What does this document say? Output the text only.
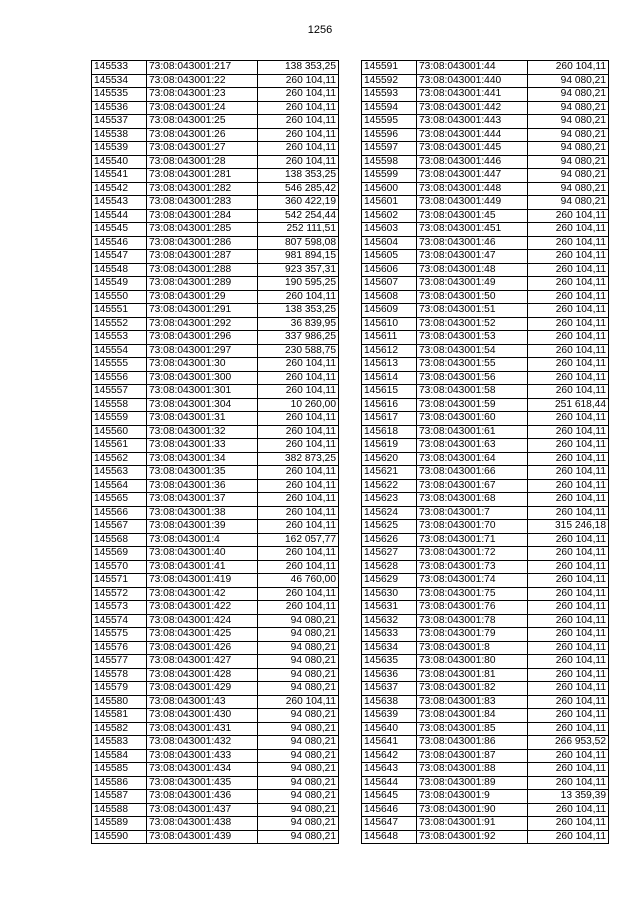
1256
145533	73:08:043001:217	138 353,25
145534	73:08:043001:22	260 104,11
145535	73:08:043001:23	260 104,11
145536	73:08:043001:24	260 104,11
145537	73:08:043001:25	260 104,11
145538	73:08:043001:26	260 104,11
145539	73:08:043001:27	260 104,11
145540	73:08:043001:28	260 104,11
145541	73:08:043001:281	138 353,25
145542	73:08:043001:282	546 285,42
145543	73:08:043001:283	360 422,19
145544	73:08:043001:284	542 254,44
145545	73:08:043001:285	252 111,51
145546	73:08:043001:286	807 598,08
145547	73:08:043001:287	981 894,15
145548	73:08:043001:288	923 357,31
145549	73:08:043001:289	190 595,25
145550	73:08:043001:29	260 104,11
145551	73:08:043001:291	138 353,25
145552	73:08:043001:292	36 839,95
145553	73:08:043001:296	337 986,25
145554	73:08:043001:297	230 588,75
145555	73:08:043001:30	260 104,11
145556	73:08:043001:300	260 104,11
145557	73:08:043001:301	260 104,11
145558	73:08:043001:304	10 260,00
145559	73:08:043001:31	260 104,11
145560	73:08:043001:32	260 104,11
145561	73:08:043001:33	260 104,11
145562	73:08:043001:34	382 873,25
145563	73:08:043001:35	260 104,11
145564	73:08:043001:36	260 104,11
145565	73:08:043001:37	260 104,11
145566	73:08:043001:38	260 104,11
145567	73:08:043001:39	260 104,11
145568	73:08:043001:4	162 057,77
145569	73:08:043001:40	260 104,11
145570	73:08:043001:41	260 104,11
145571	73:08:043001:419	46 760,00
145572	73:08:043001:42	260 104,11
145573	73:08:043001:422	260 104,11
145574	73:08:043001:424	94 080,21
145575	73:08:043001:425	94 080,21
145576	73:08:043001:426	94 080,21
145577	73:08:043001:427	94 080,21
145578	73:08:043001:428	94 080,21
145579	73:08:043001:429	94 080,21
145580	73:08:043001:43	260 104,11
145581	73:08:043001:430	94 080,21
145582	73:08:043001:431	94 080,21
145583	73:08:043001:432	94 080,21
145584	73:08:043001:433	94 080,21
145585	73:08:043001:434	94 080,21
145586	73:08:043001:435	94 080,21
145587	73:08:043001:436	94 080,21
145588	73:08:043001:437	94 080,21
145589	73:08:043001:438	94 080,21
145590	73:08:043001:439	94 080,21
145591	73:08:043001:44	260 104,11
145592	73:08:043001:440	94 080,21
145593	73:08:043001:441	94 080,21
145594	73:08:043001:442	94 080,21
145595	73:08:043001:443	94 080,21
145596	73:08:043001:444	94 080,21
145597	73:08:043001:445	94 080,21
145598	73:08:043001:446	94 080,21
145599	73:08:043001:447	94 080,21
145600	73:08:043001:448	94 080,21
145601	73:08:043001:449	94 080,21
145602	73:08:043001:45	260 104,11
145603	73:08:043001:451	260 104,11
145604	73:08:043001:46	260 104,11
145605	73:08:043001:47	260 104,11
145606	73:08:043001:48	260 104,11
145607	73:08:043001:49	260 104,11
145608	73:08:043001:50	260 104,11
145609	73:08:043001:51	260 104,11
145610	73:08:043001:52	260 104,11
145611	73:08:043001:53	260 104,11
145612	73:08:043001:54	260 104,11
145613	73:08:043001:55	260 104,11
145614	73:08:043001:56	260 104,11
145615	73:08:043001:58	260 104,11
145616	73:08:043001:59	251 618,44
145617	73:08:043001:60	260 104,11
145618	73:08:043001:61	260 104,11
145619	73:08:043001:63	260 104,11
145620	73:08:043001:64	260 104,11
145621	73:08:043001:66	260 104,11
145622	73:08:043001:67	260 104,11
145623	73:08:043001:68	260 104,11
145624	73:08:043001:7	260 104,11
145625	73:08:043001:70	315 246,18
145626	73:08:043001:71	260 104,11
145627	73:08:043001:72	260 104,11
145628	73:08:043001:73	260 104,11
145629	73:08:043001:74	260 104,11
145630	73:08:043001:75	260 104,11
145631	73:08:043001:76	260 104,11
145632	73:08:043001:78	260 104,11
145633	73:08:043001:79	260 104,11
145634	73:08:043001:8	260 104,11
145635	73:08:043001:80	260 104,11
145636	73:08:043001:81	260 104,11
145637	73:08:043001:82	260 104,11
145638	73:08:043001:83	260 104,11
145639	73:08:043001:84	260 104,11
145640	73:08:043001:85	260 104,11
145641	73:08:043001:86	266 953,52
145642	73:08:043001:87	260 104,11
145643	73:08:043001:88	260 104,11
145644	73:08:043001:89	260 104,11
145645	73:08:043001:9	13 359,39
145646	73:08:043001:90	260 104,11
145647	73:08:043001:91	260 104,11
145648	73:08:043001:92	260 104,11
